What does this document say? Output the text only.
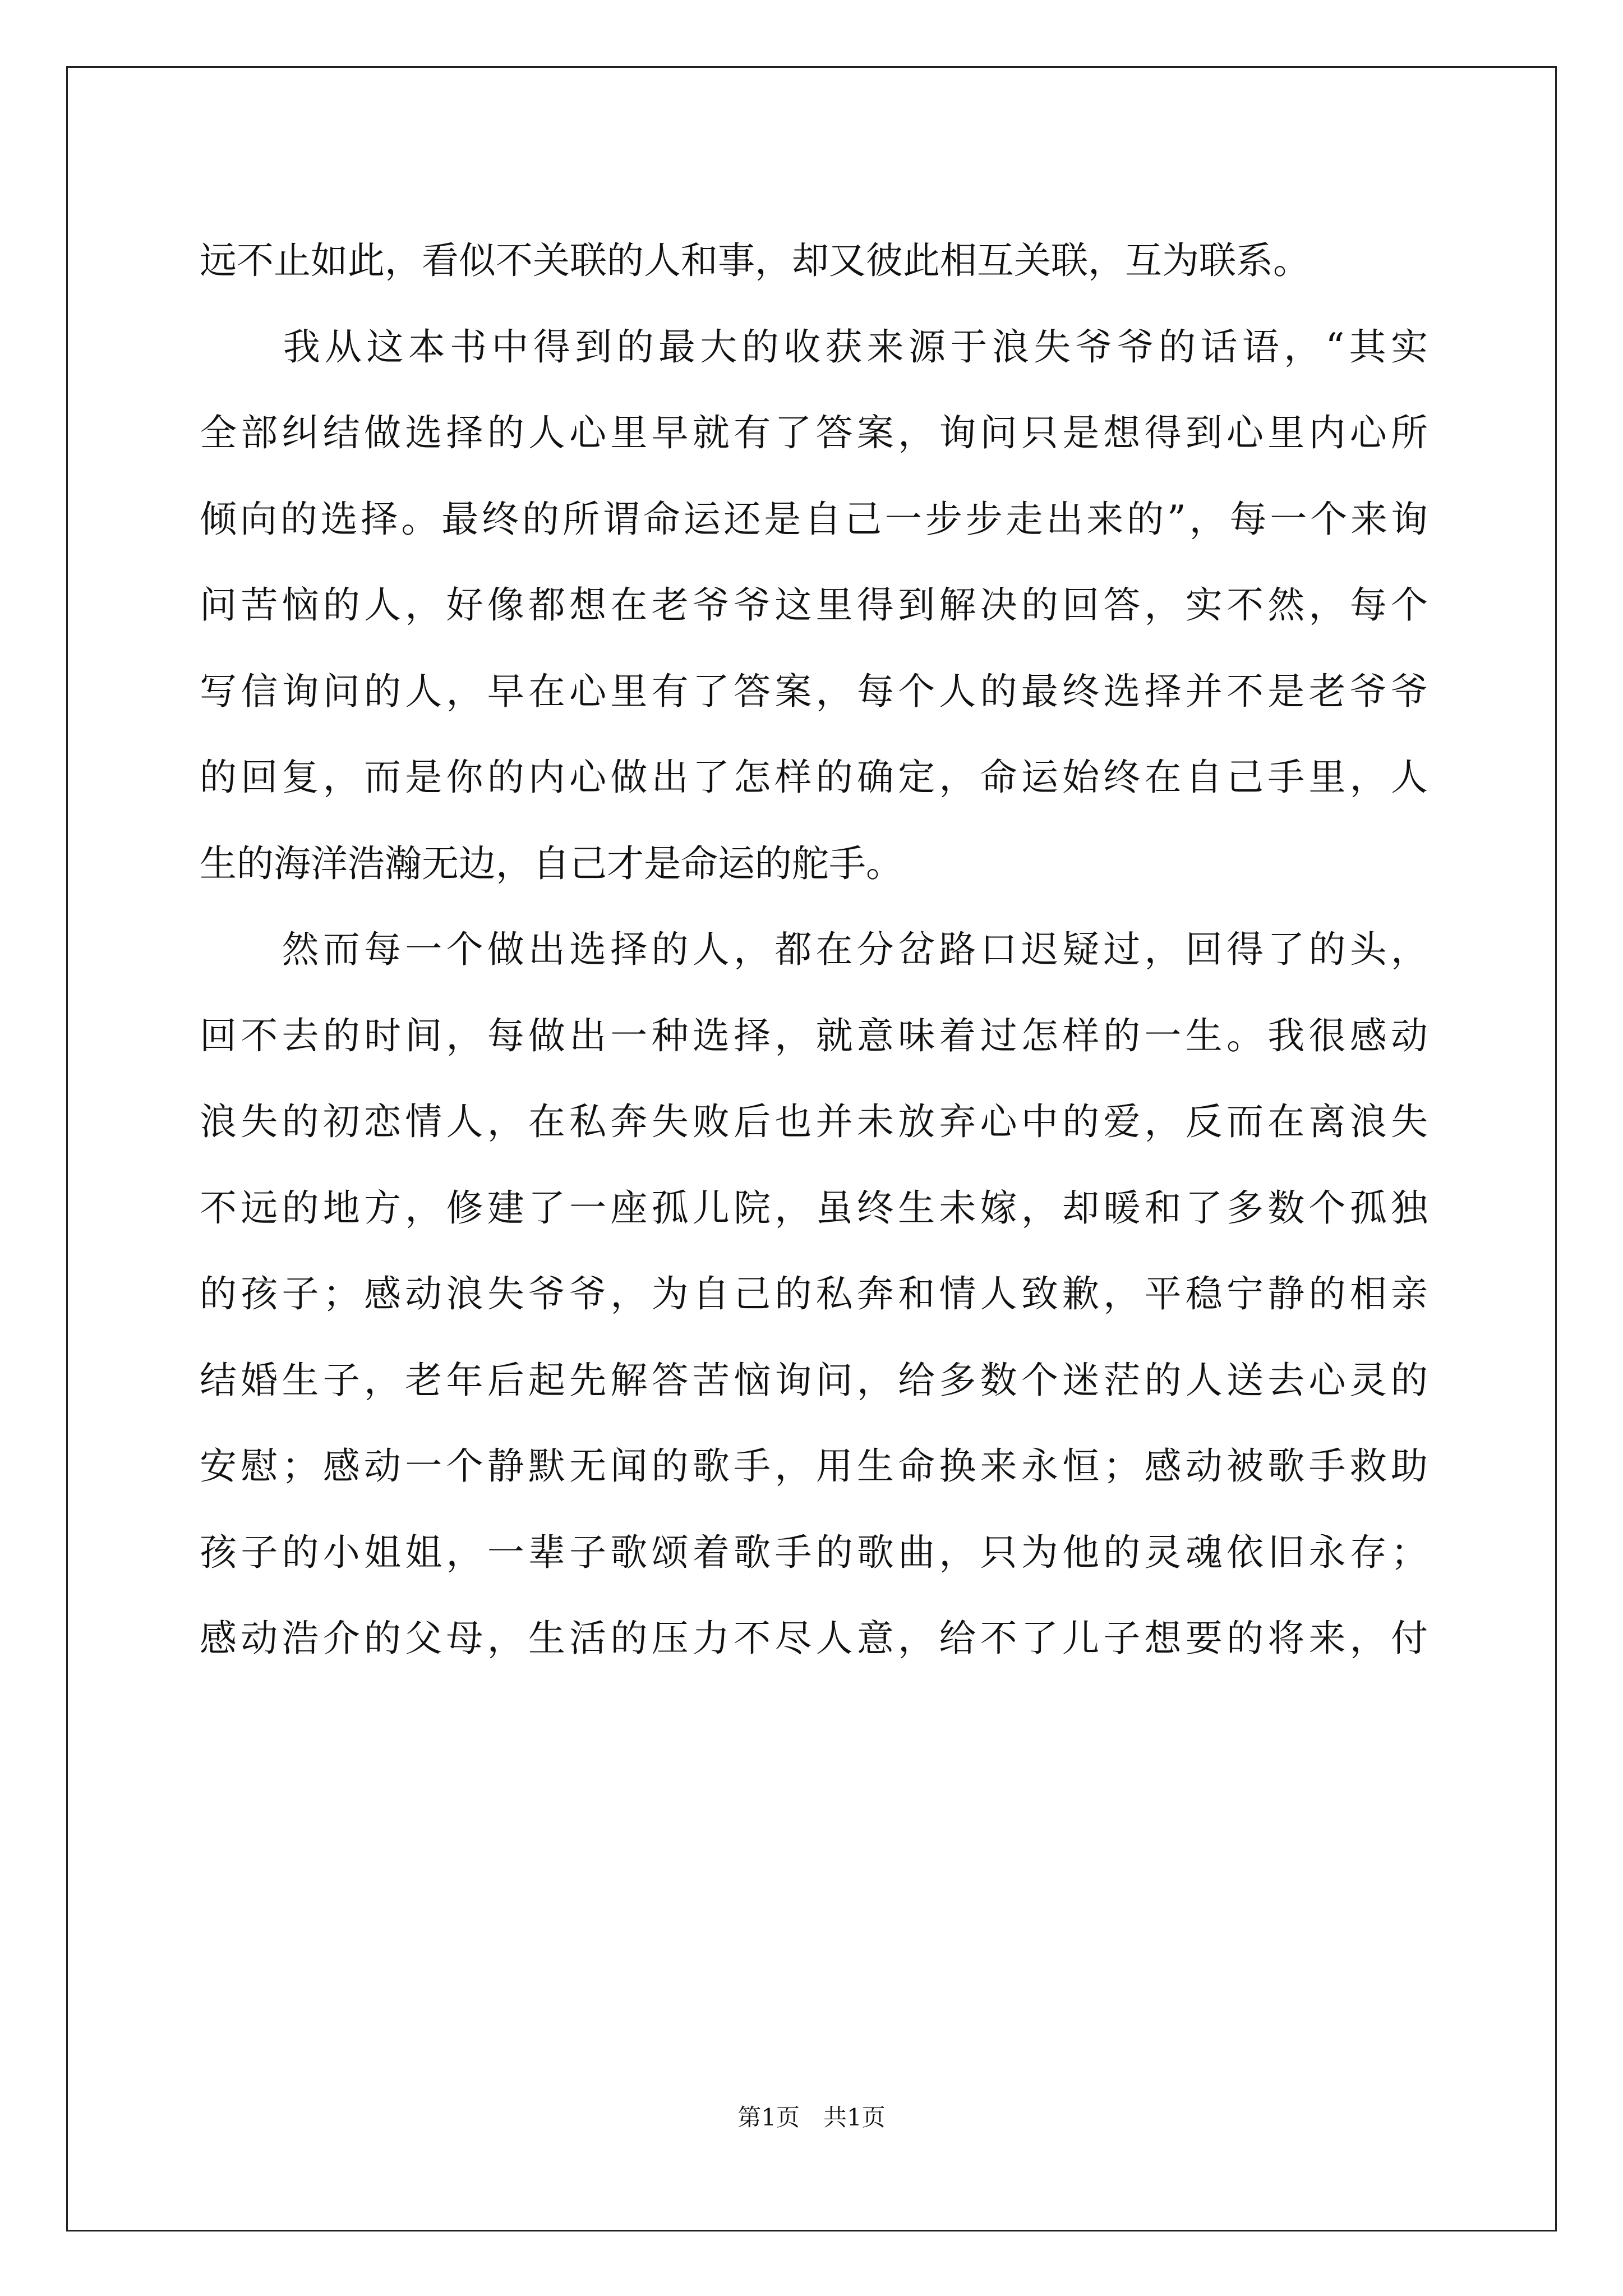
远不止如此，看似不关联的人和事，却又彼此相互关联，互为联系。
　　我从这本书中得到的最大的收获来源于浪失爷爷的话语，“其实
全部纠结做选择的人心里早就有了答案，询问只是想得到心里内心所
倾向的选择。最终的所谓命运还是自己一步步走出来的”，每一个来询
问苦恼的人，好像都想在老爷爷这里得到解决的回答，实不然，每个
写信询问的人，早在心里有了答案，每个人的最终选择并不是老爷爷
的回复，而是你的内心做出了怎样的确定，命运始终在自己手里，人
生的海洋浩瀚无边，自己才是命运的舵手。
　　然而每一个做出选择的人，都在分岔路口迟疑过，回得了的头，
回不去的时间，每做出一种选择，就意味着过怎样的一生。我很感动
浪失的初恋情人，在私奔失败后也并未放弃心中的爱，反而在离浪失
不远的地方，修建了一座孤儿院，虽终生未嫁，却暖和了多数个孤独
的孩子；感动浪失爷爷，为自己的私奔和情人致歉，平稳宁静的相亲
结婚生子，老年后起先解答苦恼询问，给多数个迷茫的人送去心灵的
安慰；感动一个静默无闻的歌手，用生命换来永恒；感动被歌手救助
孩子的小姐姐，一辈子歌颂着歌手的歌曲，只为他的灵魂依旧永存；
感动浩介的父母，生活的压力不尽人意，给不了儿子想要的将来，付
第1页　共1页
